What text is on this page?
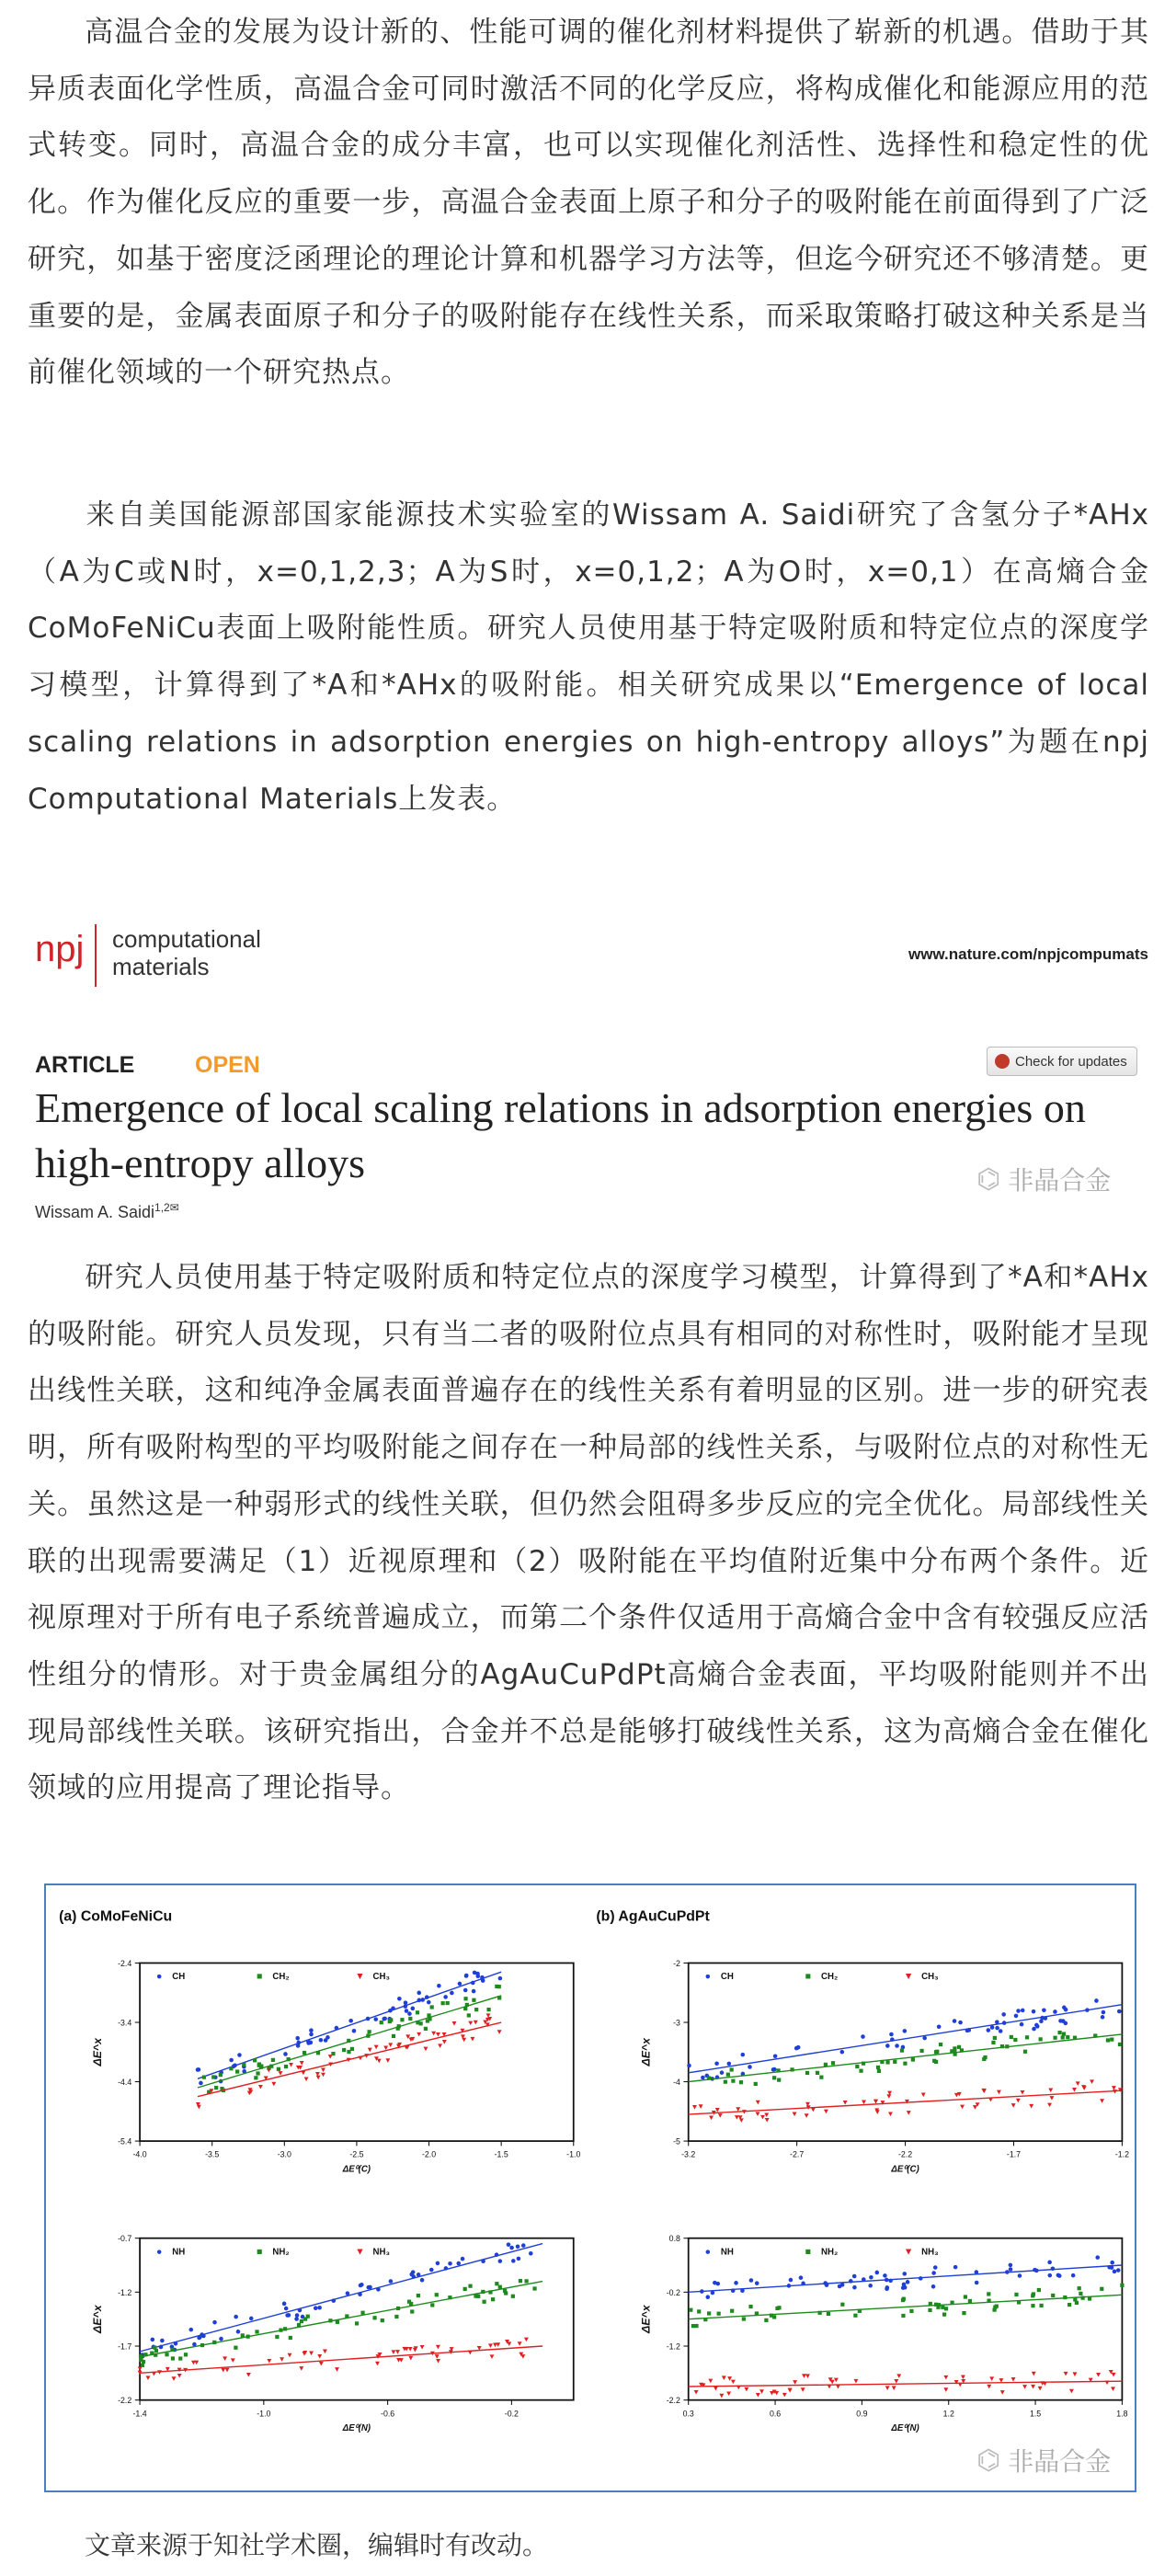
高温合金的发展为设计新的、性能可调的催化剂材料提供了崭新的机遇。借助于其异质表面化学性质，高温合金可同时激活不同的化学反应，将构成催化和能源应用的范式转变。同时，高温合金的成分丰富，也可以实现催化剂活性、选择性和稳定性的优化。作为催化反应的重要一步，高温合金表面上原子和分子的吸附能在前面得到了广泛研究，如基于密度泛函理论的理论计算和机器学习方法等，但迄今研究还不够清楚。更重要的是，金属表面原子和分子的吸附能存在线性关系，而采取策略打破这种关系是当前催化领域的一个研究热点。

来自美国能源部国家能源技术实验室的Wissam A. Saidi研究了含氢分子*AHx（A为C或N时，x=0,1,2,3；A为S时，x=0,1,2；A为O时，x=0,1）在高熵合金CoMoFeNiCu表面上吸附能性质。研究人员使用基于特定吸附质和特定位点的深度学习模型，计算得到了*A和*AHx的吸附能。相关研究成果以“Emergence of local scaling relations in adsorption energies on high-entropy alloys”为题在npj Computational Materials上发表。

npj computational
materials	www.nature.com/npjcompumats
ARTICLE	OPEN	Check for updates
Emergence of local scaling relations in adsorption energies on high-entropy alloys
Wissam A. Saidi$^{1,2✉}$
⌬ 非晶合金

研究人员使用基于特定吸附质和特定位点的深度学习模型，计算得到了*A和*AHx的吸附能。研究人员发现，只有当二者的吸附位点具有相同的对称性时，吸附能才呈现出线性关联，这和纯净金属表面普遍存在的线性关系有着明显的区别。进一步的研究表明，所有吸附构型的平均吸附能之间存在一种局部的线性关系，与吸附位点的对称性无关。虽然这是一种弱形式的线性关联，但仍然会阻碍多步反应的完全优化。局部线性关联的出现需要满足（1）近视原理和（2）吸附能在平均值附近集中分布两个条件。近视原理对于所有电子系统普遍成立，而第二个条件仅适用于高熵合金中含有较强反应活性组分的情形。对于贵金属组分的AgAuCuPdPt高熵合金表面，平均吸附能则并不出现局部线性关联。该研究指出，合金并不总是能够打破线性关系，这为高熵合金在催化领域的应用提高了理论指导。

(a) CoMoFeNiCu
-4.0	-3.5	-3.0	-2.5	-2.0	-1.5	-1.0
-2.4
-3.4
-4.4
-5.4
ΔE⁰(C)
ΔE^x
● CH	■ CH₂	▼ CH₃
(b) AgAuCuPdPt
-3.2	-2.7	-2.2	-1.7	-1.2
-2
-3
-4
-5
ΔE⁰(C)
ΔE^x
● CH	■ CH₂	▼ CH₃
-1.4	-1.0	-0.6	-0.2
-0.7
-1.2
-1.7
-2.2
ΔE⁰(N)
ΔE^x
● NH	■ NH₂	▼ NH₃
0.3	0.6	0.9	1.2	1.5	1.8
0.8
-0.2
-1.2
-2.2
ΔE⁰(N)
ΔE^x
● NH	■ NH₂	▼ NH₃
⌬ 非晶合金
文章来源于知社学术圈，编辑时有改动。
